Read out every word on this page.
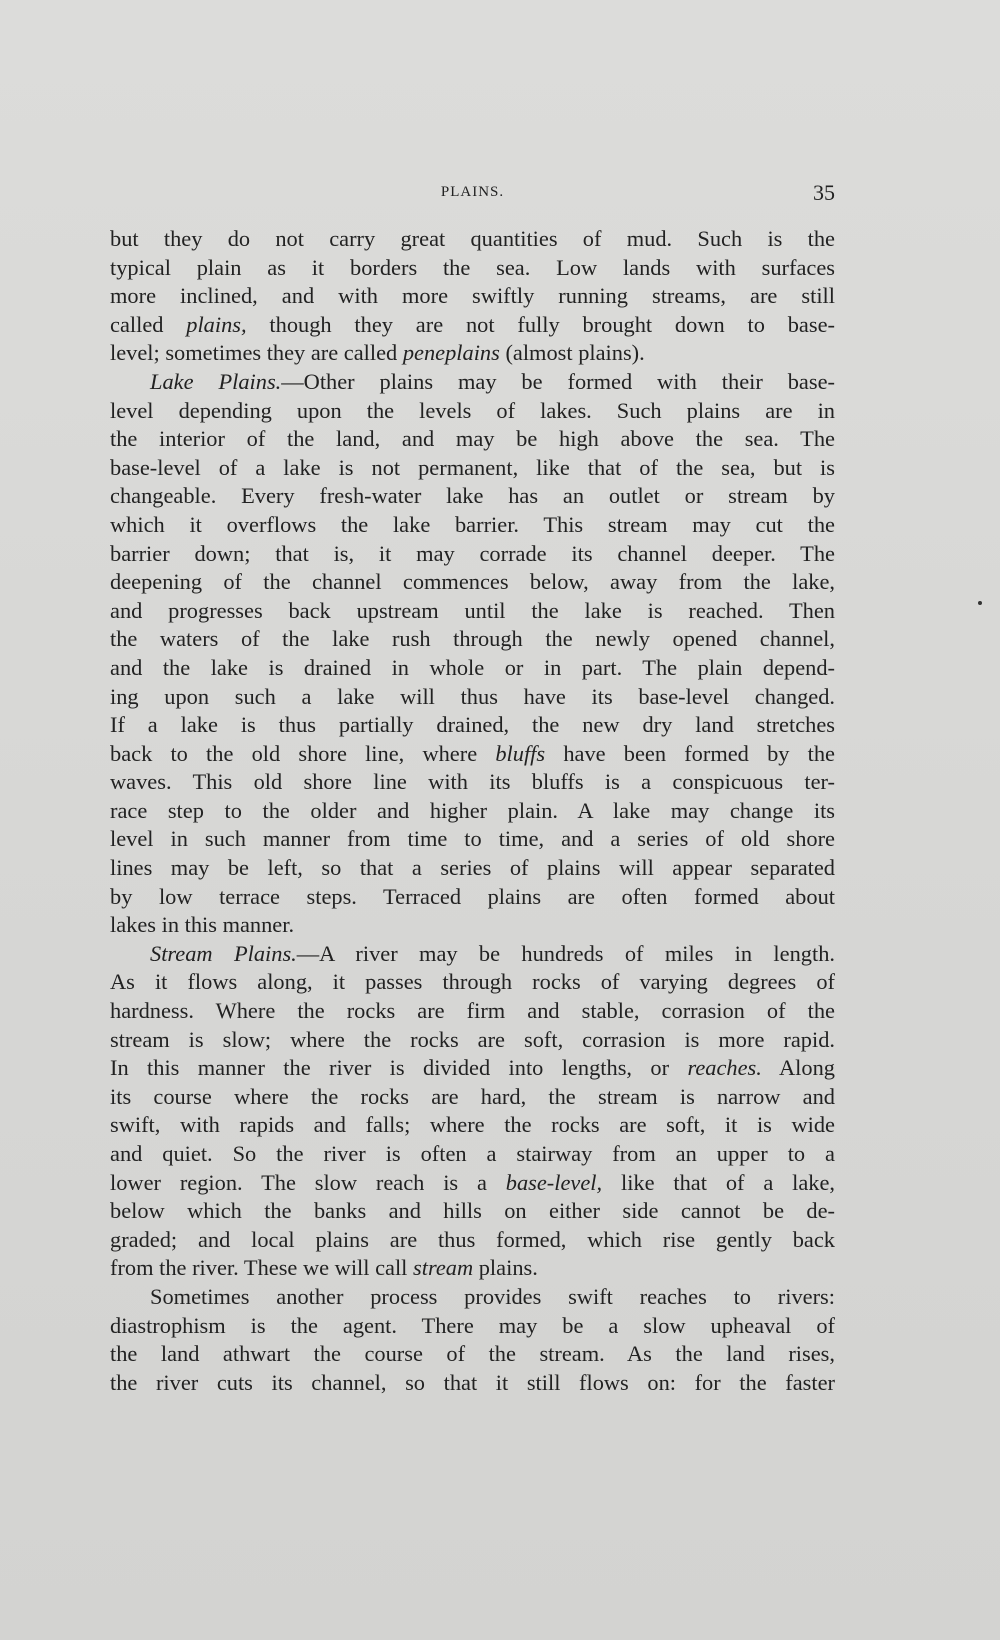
PLAINS.	35
but they do not carry great quantities of mud. Such is the
typical plain as it borders the sea. Low lands with surfaces
more inclined, and with more swiftly running streams, are still
called plains, though they are not fully brought down to base-
level; sometimes they are called peneplains (almost plains).
Lake Plains.—Other plains may be formed with their base-
level depending upon the levels of lakes. Such plains are in
the interior of the land, and may be high above the sea. The
base-level of a lake is not permanent, like that of the sea, but is
changeable. Every fresh-water lake has an outlet or stream by
which it overflows the lake barrier. This stream may cut the
barrier down; that is, it may corrade its channel deeper. The
deepening of the channel commences below, away from the lake,
and progresses back upstream until the lake is reached. Then
the waters of the lake rush through the newly opened channel,
and the lake is drained in whole or in part. The plain depend-
ing upon such a lake will thus have its base-level changed.
If a lake is thus partially drained, the new dry land stretches
back to the old shore line, where bluffs have been formed by the
waves. This old shore line with its bluffs is a conspicuous ter-
race step to the older and higher plain. A lake may change its
level in such manner from time to time, and a series of old shore
lines may be left, so that a series of plains will appear separated
by low terrace steps. Terraced plains are often formed about
lakes in this manner.
Stream Plains.—A river may be hundreds of miles in length.
As it flows along, it passes through rocks of varying degrees of
hardness. Where the rocks are firm and stable, corrasion of the
stream is slow; where the rocks are soft, corrasion is more rapid.
In this manner the river is divided into lengths, or reaches. Along
its course where the rocks are hard, the stream is narrow and
swift, with rapids and falls; where the rocks are soft, it is wide
and quiet. So the river is often a stairway from an upper to a
lower region. The slow reach is a base-level, like that of a lake,
below which the banks and hills on either side cannot be de-
graded; and local plains are thus formed, which rise gently back
from the river. These we will call stream plains.
Sometimes another process provides swift reaches to rivers:
diastrophism is the agent. There may be a slow upheaval of
the land athwart the course of the stream. As the land rises,
the river cuts its channel, so that it still flows on: for the faster
